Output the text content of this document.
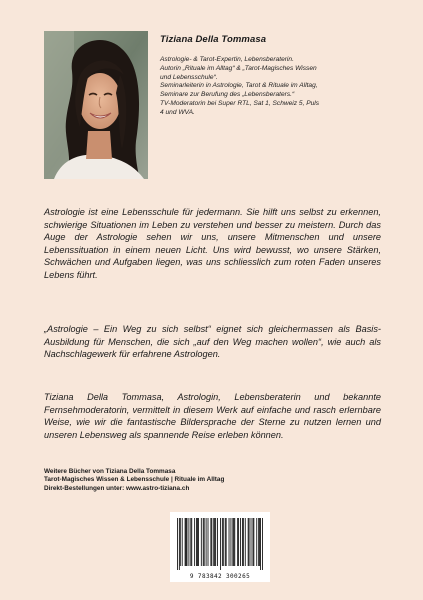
Tiziana Della Tommasa
Astrologie- & Tarot-Expertin, Lebensberaterin.
Autorin „Rituale im Alltag“ & „Tarot-Magisches Wissen
und Lebensschule“.
Seminarleiterin in Astrologie, Tarot & Rituale im Alltag,
Seminare zur Berufung des „Lebensberaters.“
TV-Moderatorin bei Super RTL, Sat 1, Schweiz 5, Puls
4 und WVA.

Astrologie ist eine Lebensschule für jedermann. Sie hilft uns selbst zu erkennen, schwierige Situationen im Leben zu verstehen und besser zu meistern. Durch das Auge der Astrologie sehen wir uns, unsere Mitmenschen und unsere Lebenssituation in einem neuen Licht. Uns wird bewusst, wo unsere Stärken, Schwächen und Aufgaben liegen, was uns schliesslich zum roten Faden unseres Lebens führt.

„Astrologie – Ein Weg zu sich selbst“ eignet sich gleichermassen als Basis-Ausbildung für Menschen, die sich „auf den Weg machen wollen“, wie auch als Nachschlagewerk für erfahrene Astrologen.

Tiziana Della Tommasa, Astrologin, Lebensberaterin und bekannte Fernsehmoderatorin, vermittelt in diesem Werk auf einfache und rasch erlernbare Weise, wie wir die fantastische Bildersprache der Sterne zu nutzen lernen und unseren Lebensweg als spannende Reise erleben können.

Weitere Bücher von Tiziana Della Tommasa
Tarot-Magisches Wissen & Lebensschule | Rituale im Alltag
Direkt-Bestellungen unter: www.astro-tiziana.ch
9 783842 300265
